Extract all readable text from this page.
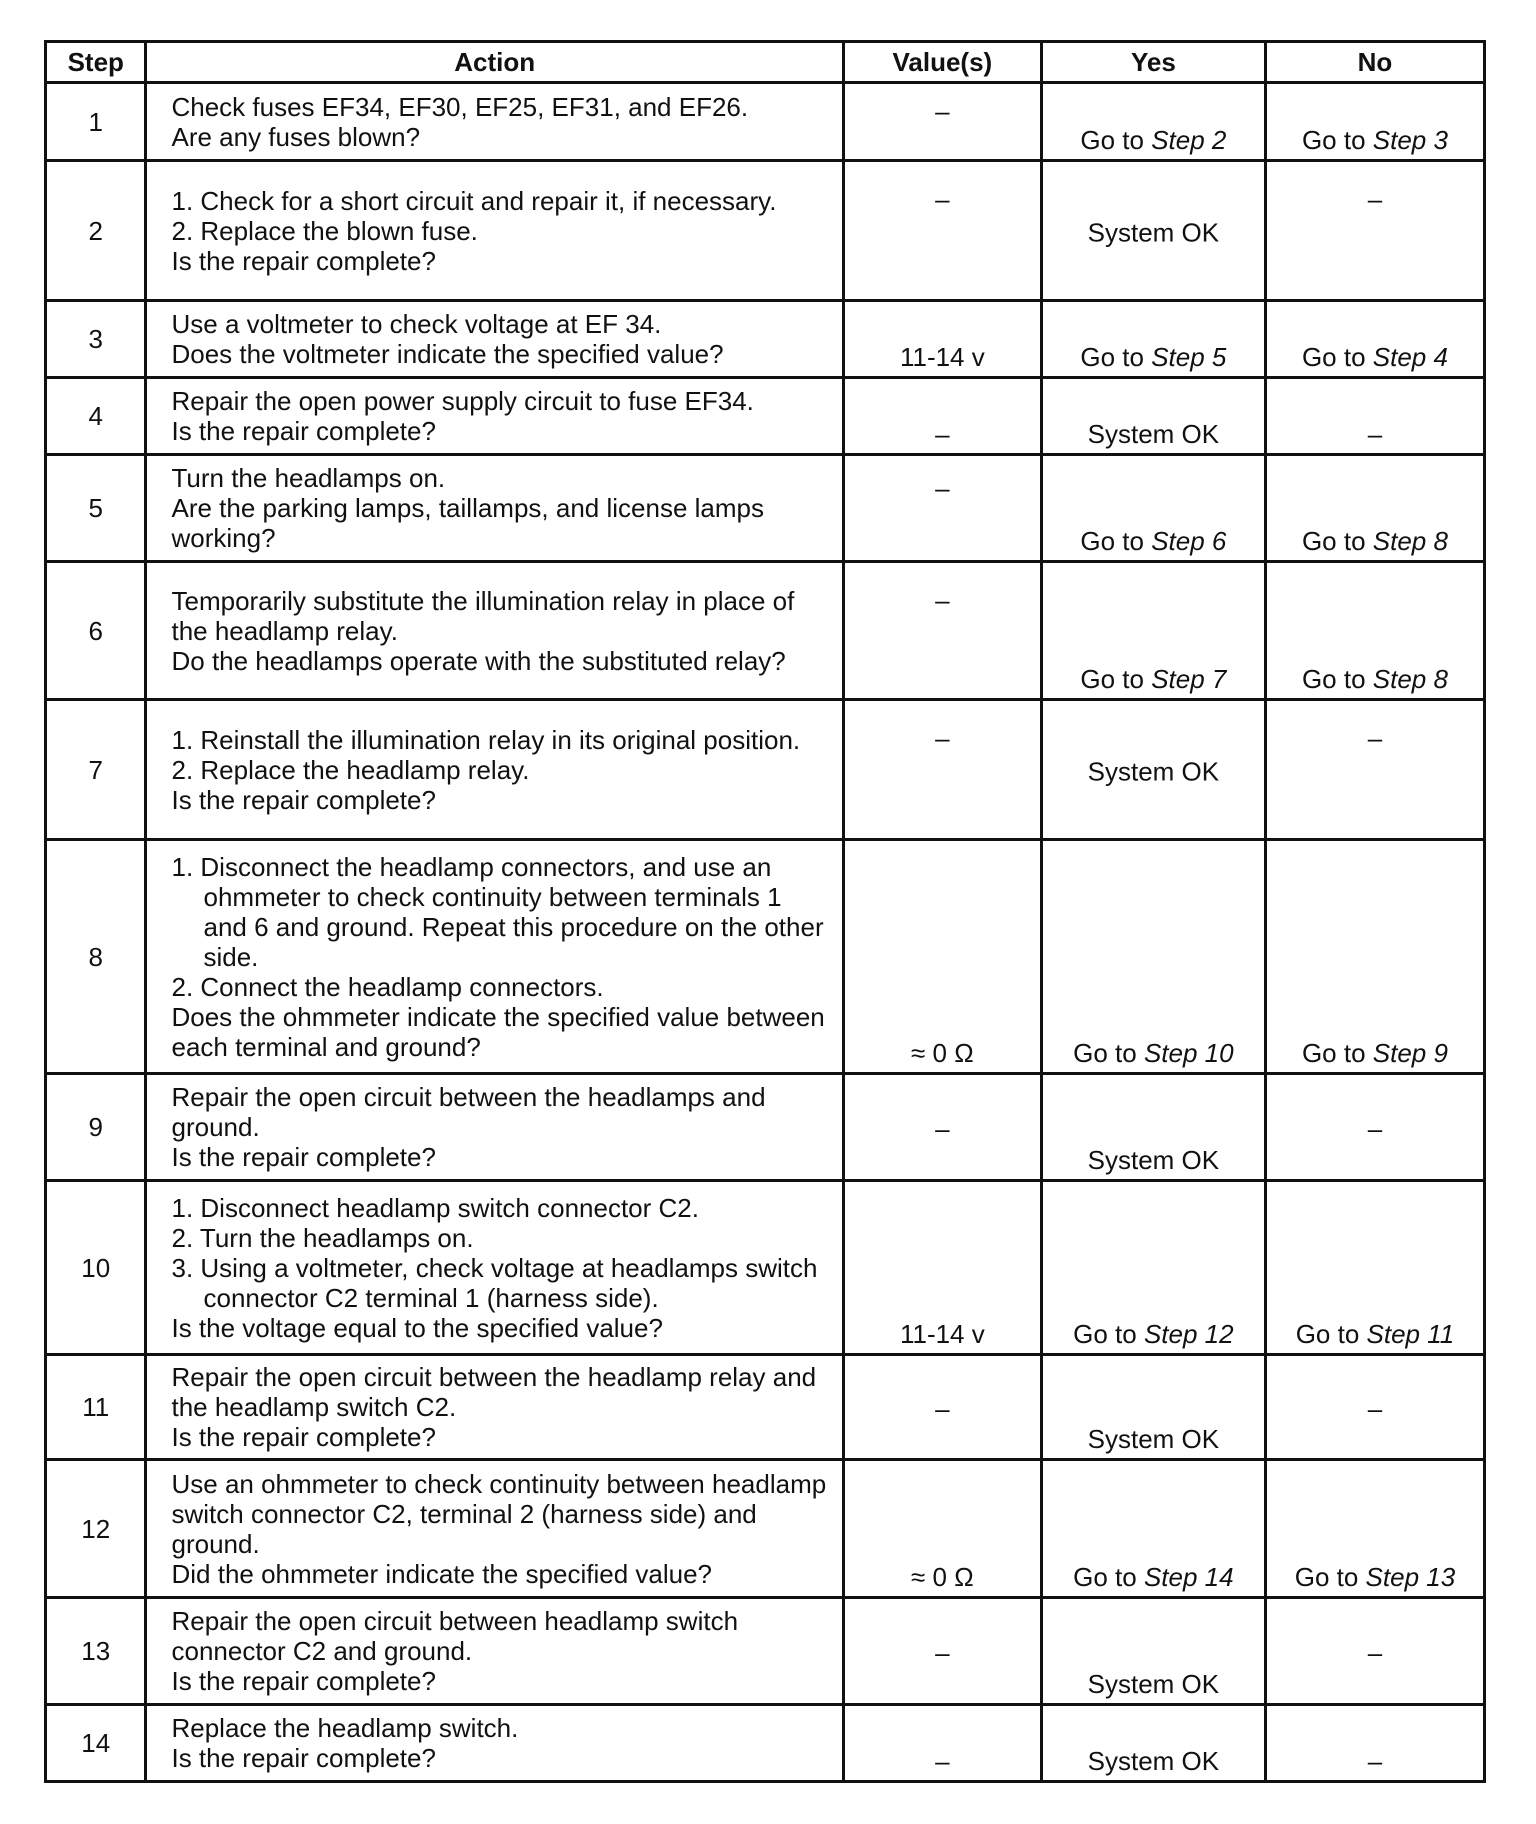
Step	Action	Value(s)	Yes	No
1	Check fuses EF34, EF30, EF25, EF31, and EF26.
Are any fuses blown?	–	Go to Step 2	Go to Step 3

2	1. Check for a short circuit and repair it, if necessary.
2. Replace the blown fuse.
Is the repair complete?	–	System OK	–

3	Use a voltmeter to check voltage at EF 34.
Does the voltmeter indicate the specified value?	11-14 v	Go to Step 5	Go to Step 4

4	Repair the open power supply circuit to fuse EF34.
Is the repair complete?	–	System OK	–

5	Turn the headlamps on.
Are the parking lamps, taillamps, and license lamps working?	–	Go to Step 6	Go to Step 8

6	Temporarily substitute the illumination relay in place of the headlamp relay.
Do the headlamps operate with the substituted relay?	–	Go to Step 7	Go to Step 8

7	1. Reinstall the illumination relay in its original position.
2. Replace the headlamp relay.
Is the repair complete?	–	System OK	–

8	1. Disconnect the headlamp connectors, and use an ohmmeter to check continuity between terminals 1 and 6 and ground. Repeat this procedure on the other side.
2. Connect the headlamp connectors.
Does the ohmmeter indicate the specified value between each terminal and ground?	≈ 0 Ω	Go to Step 10	Go to Step 9

9	Repair the open circuit between the headlamps and ground.
Is the repair complete?	–	System OK	–

10	1. Disconnect headlamp switch connector C2.
2. Turn the headlamps on.
3. Using a voltmeter, check voltage at headlamps switch connector C2 terminal 1 (harness side).
Is the voltage equal to the specified value?	11-14 v	Go to Step 12	Go to Step 11

11	Repair the open circuit between the headlamp relay and the headlamp switch C2.
Is the repair complete?	–	System OK	–

12	Use an ohmmeter to check continuity between headlamp switch connector C2, terminal 2 (harness side) and ground.
Did the ohmmeter indicate the specified value?	≈ 0 Ω	Go to Step 14	Go to Step 13

13	Repair the open circuit between headlamp switch connector C2 and ground.
Is the repair complete?	–	System OK	–

14	Replace the headlamp switch.
Is the repair complete?	–	System OK	–
